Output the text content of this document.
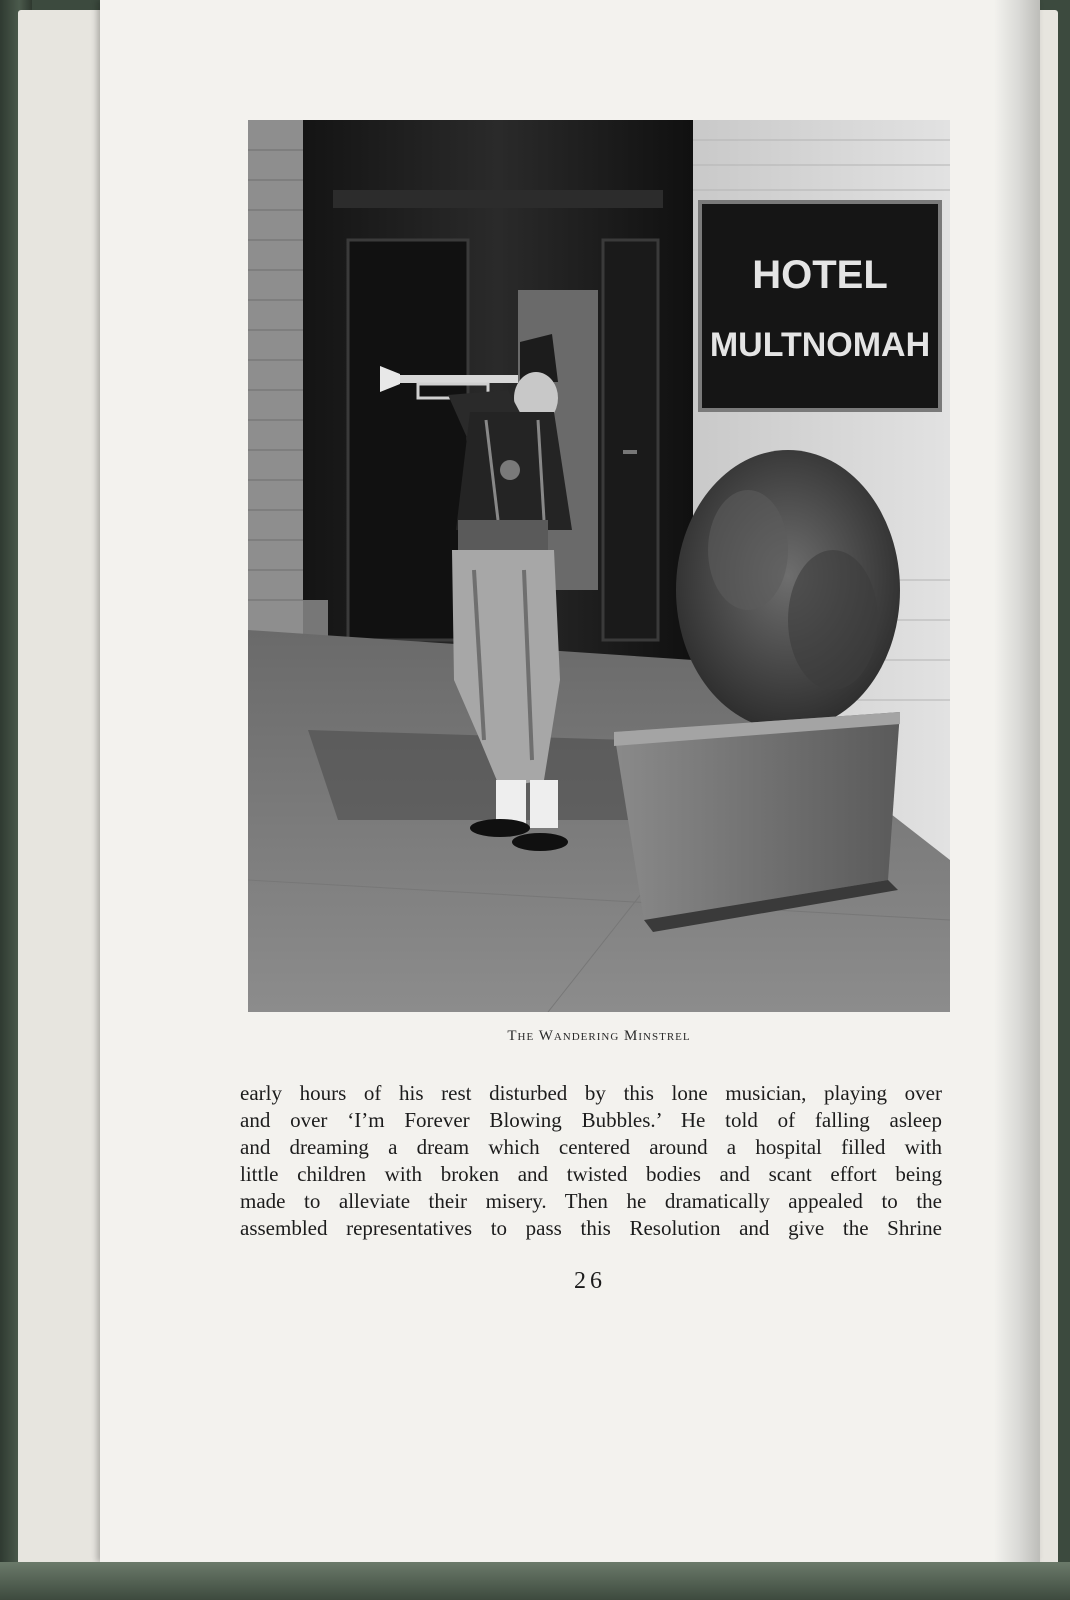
HOTEL
MULTNOMAH
The Wandering Minstrel
early hours of his rest disturbed by this lone musician, playing over
and over ‘I’m Forever Blowing Bubbles.’ He told of falling asleep
and dreaming a dream which centered around a hospital filled with
little children with broken and twisted bodies and scant effort being
made to alleviate their misery. Then he dramatically appealed to the
assembled representatives to pass this Resolution and give the Shrine
26
